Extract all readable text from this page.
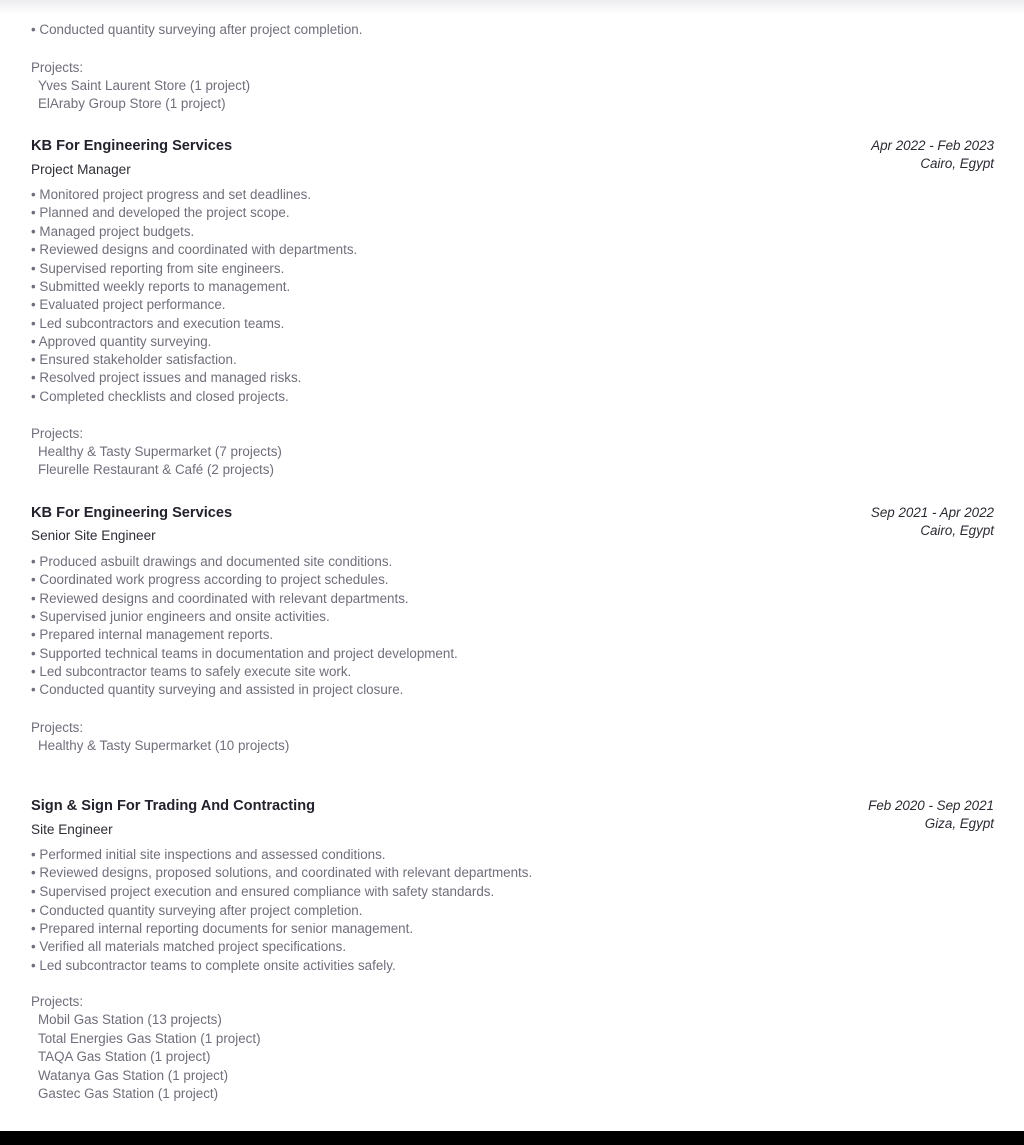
• Conducted quantity surveying after project completion.
Projects:
Yves Saint Laurent Store (1 project)
ElAraby Group Store (1 project)
KB For Engineering Services	Apr 2022 - Feb 2023
Cairo, Egypt
Project Manager
• Monitored project progress and set deadlines.
• Planned and developed the project scope.
• Managed project budgets.
• Reviewed designs and coordinated with departments.
• Supervised reporting from site engineers.
• Submitted weekly reports to management.
• Evaluated project performance.
• Led subcontractors and execution teams.
• Approved quantity surveying.
• Ensured stakeholder satisfaction.
• Resolved project issues and managed risks.
• Completed checklists and closed projects.
Projects:
Healthy & Tasty Supermarket (7 projects)
Fleurelle Restaurant & Café (2 projects)
KB For Engineering Services	Sep 2021 - Apr 2022
Cairo, Egypt
Senior Site Engineer
• Produced asbuilt drawings and documented site conditions.
• Coordinated work progress according to project schedules.
• Reviewed designs and coordinated with relevant departments.
• Supervised junior engineers and onsite activities.
• Prepared internal management reports.
• Supported technical teams in documentation and project development.
• Led subcontractor teams to safely execute site work.
• Conducted quantity surveying and assisted in project closure.
Projects:
Healthy & Tasty Supermarket (10 projects)
Sign & Sign For Trading And Contracting	Feb 2020 - Sep 2021
Giza, Egypt
Site Engineer
• Performed initial site inspections and assessed conditions.
• Reviewed designs, proposed solutions, and coordinated with relevant departments.
• Supervised project execution and ensured compliance with safety standards.
• Conducted quantity surveying after project completion.
• Prepared internal reporting documents for senior management.
• Verified all materials matched project specifications.
• Led subcontractor teams to complete onsite activities safely.
Projects:
Mobil Gas Station (13 projects)
Total Energies Gas Station (1 project)
TAQA Gas Station (1 project)
Watanya Gas Station (1 project)
Gastec Gas Station (1 project)
